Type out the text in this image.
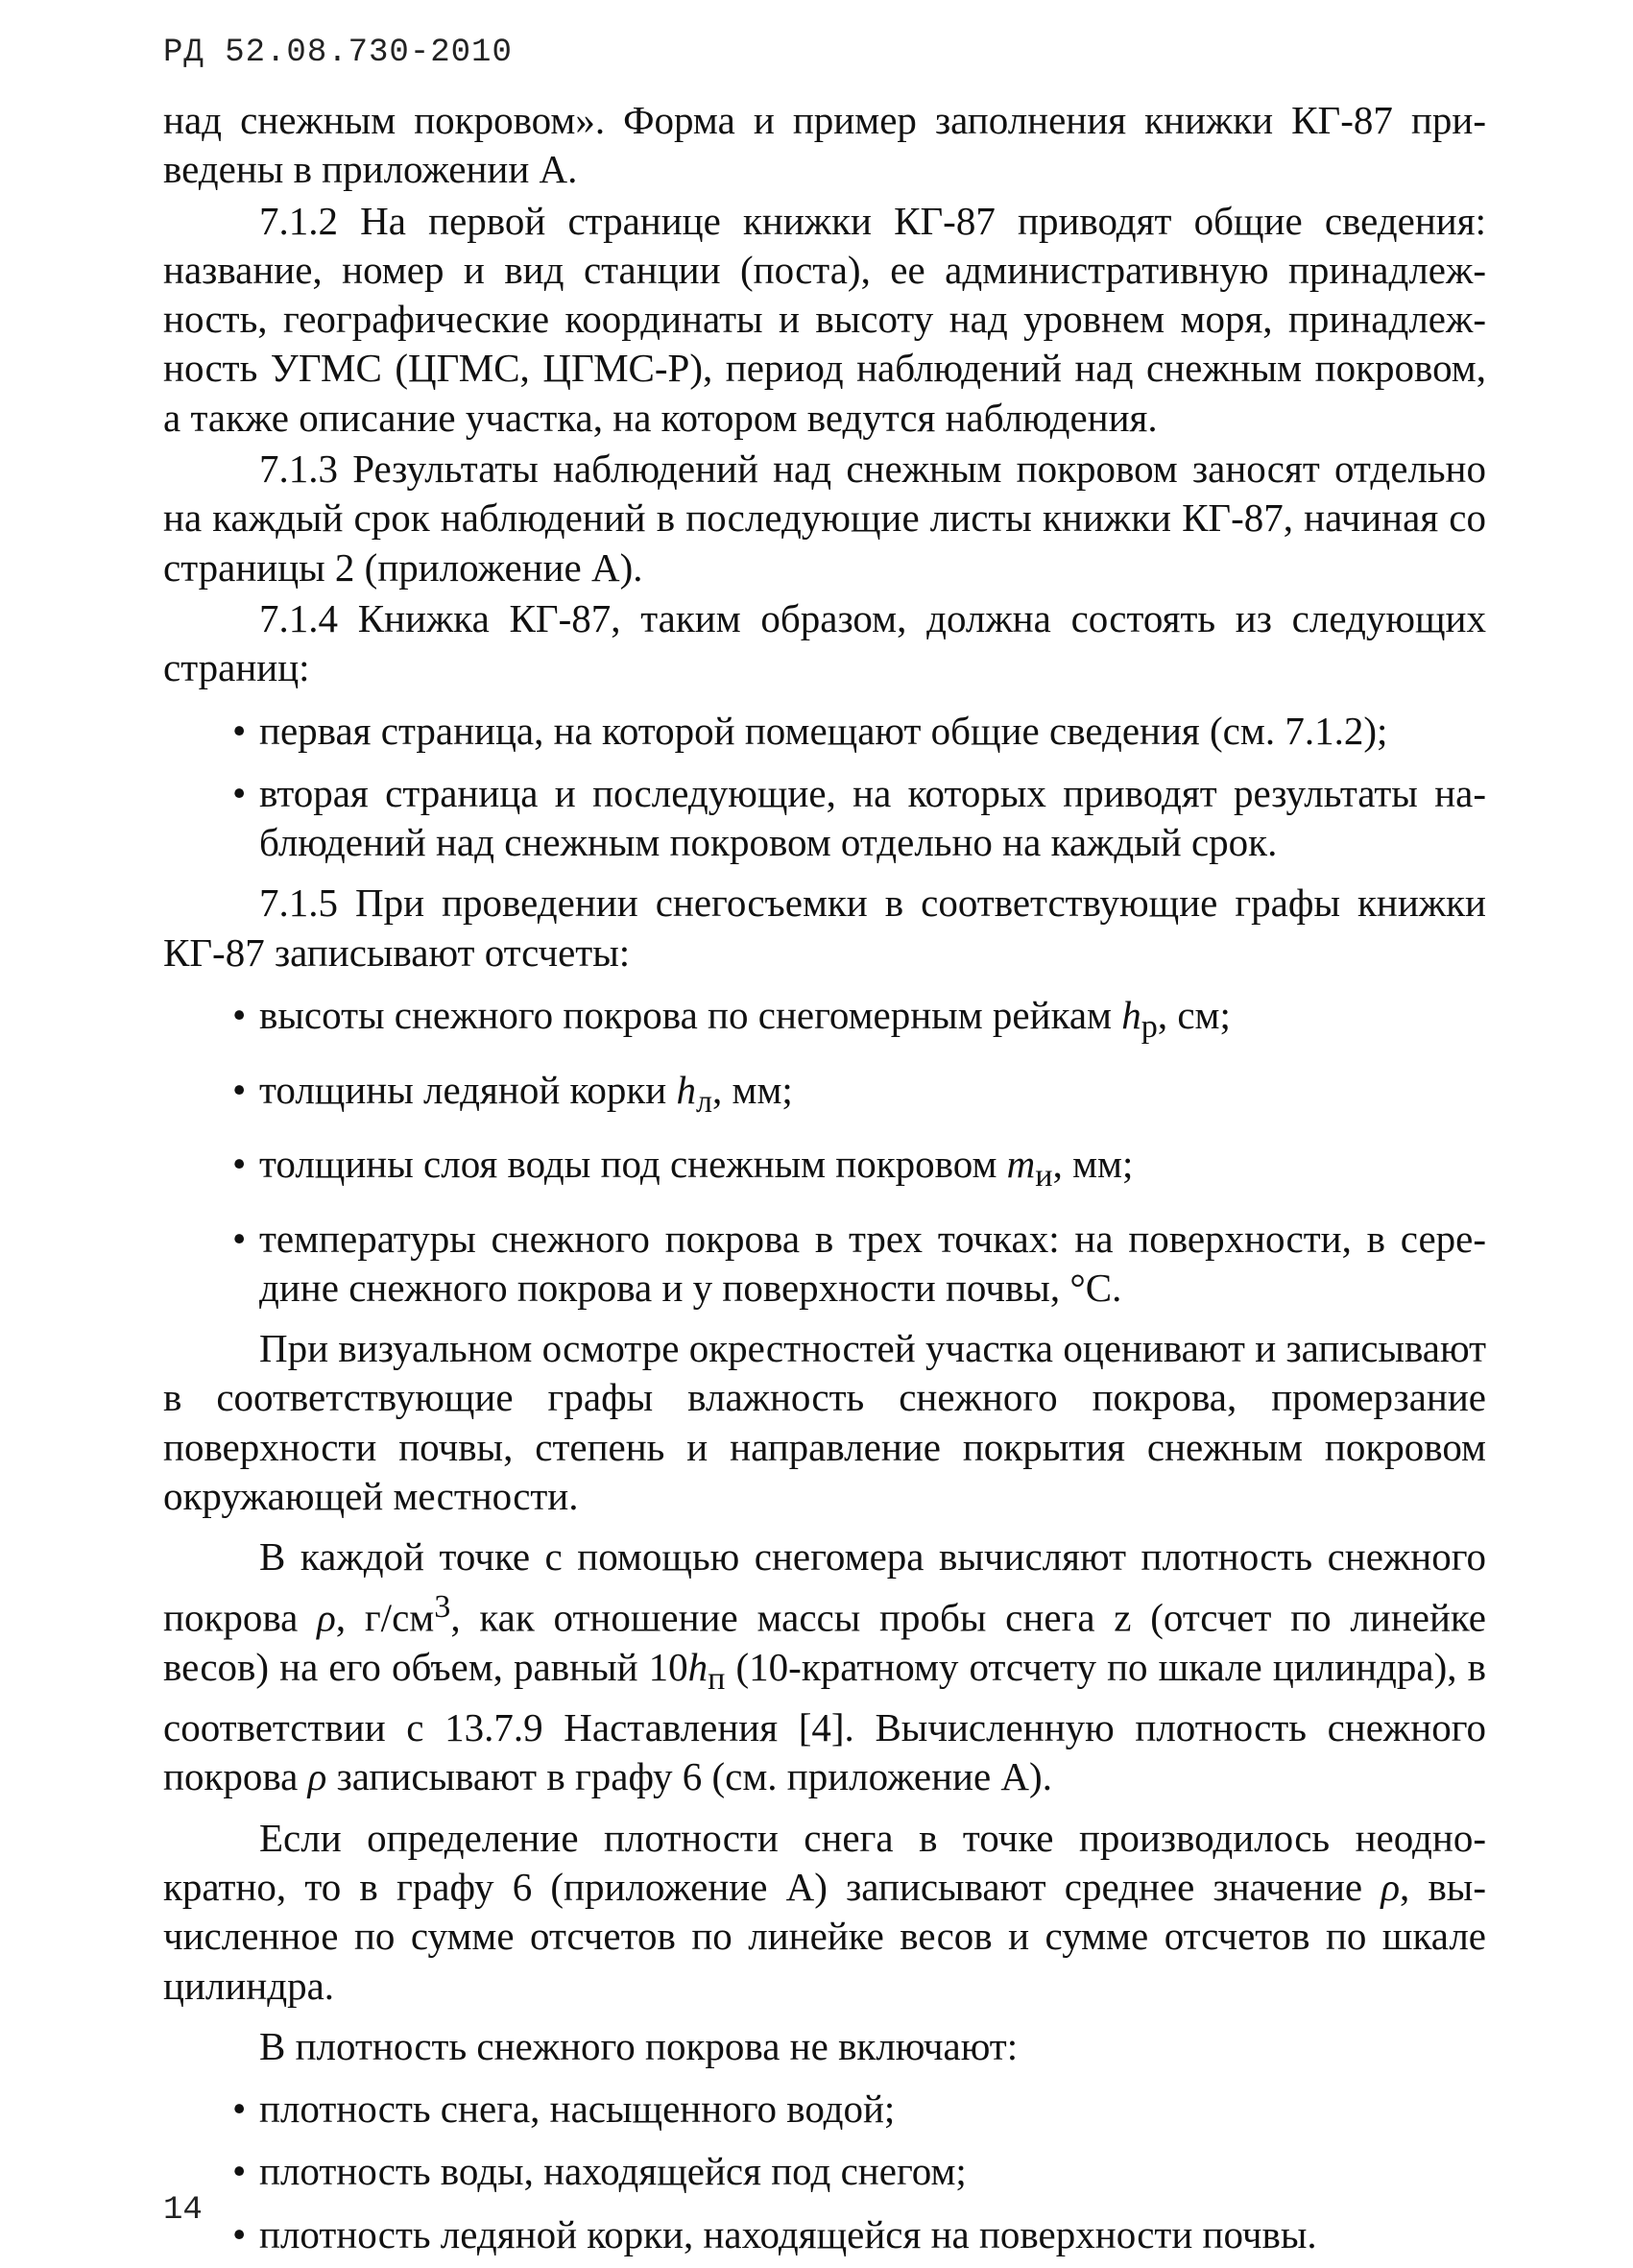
РД 52.08.730-2010

над снежным покровом». Форма и пример заполнения книжки КГ-87 приведены в приложении А.

7.1.2 На первой странице книжки КГ-87 приводят общие сведения: название, номер и вид станции (поста), ее административную принадлежность, географические координаты и высоту над уровнем моря, принадлежность УГМС (ЦГМС, ЦГМС-Р), период наблюдений над снежным покровом, а также описание участка, на котором ведутся наблюдения.

7.1.3 Результаты наблюдений над снежным покровом заносят отдельно на каждый срок наблюдений в последующие листы книжки КГ-87, начиная со страницы 2 (приложение А).

7.1.4 Книжка КГ-87, таким образом, должна состоять из следующих страниц:

• первая страница, на которой помещают общие сведения (см. 7.1.2);
• вторая страница и последующие, на которых приводят результаты наблюдений над снежным покровом отдельно на каждый срок.

7.1.5 При проведении снегосъемки в соответствующие графы книжки КГ-87 записывают отсчеты:

• высоты снежного покрова по снегомерным рейкам $h_р$, см;
• толщины ледяной корки $h_л$, мм;
• толщины слоя воды под снежным покровом $m_и$, мм;
• температуры снежного покрова в трех точках: на поверхности, в середине снежного покрова и у поверхности почвы, °С.

При визуальном осмотре окрестностей участка оценивают и записывают в соответствующие графы влажность снежного покрова, промерзание поверхности почвы, степень и направление покрытия снежным покровом окружающей местности.

В каждой точке с помощью снегомера вычисляют плотность снежного покрова ρ, $г/см^3$, как отношение массы пробы снега z (отсчет по линейке весов) на его объем, равный $10h_п$ (10-кратному отсчету по шкале цилиндра), в соответствии с 13.7.9 Наставления [4]. Вычисленную плотность снежного покрова ρ записывают в графу 6 (см. приложение А).

Если определение плотности снега в точке производилось неоднократно, то в графу 6 (приложение А) записывают среднее значение ρ, вычисленное по сумме отсчетов по линейке весов и сумме отсчетов по шкале цилиндра.

В плотность снежного покрова не включают:

• плотность снега, насыщенного водой;
• плотность воды, находящейся под снегом;
• плотность ледяной корки, находящейся на поверхности почвы.
14
